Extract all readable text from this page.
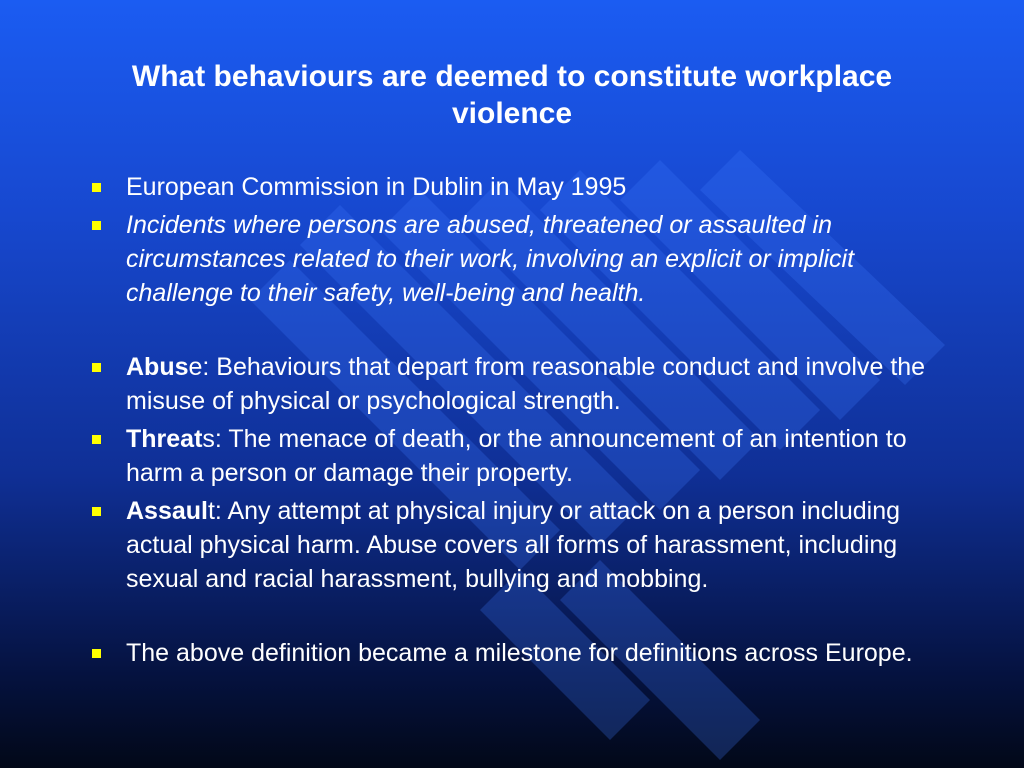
What behaviours are deemed to constitute workplace violence
European Commission in Dublin in May 1995
Incidents where persons are abused, threatened or assaulted in circumstances related to their work, involving an explicit or implicit challenge to their safety, well-being and health.
Abuse: Behaviours that depart from reasonable conduct and involve the misuse of physical or psychological strength.
Threats: The menace of death, or the announcement of an intention to harm a person or damage their property.
Assault: Any attempt at physical injury or attack on a person including actual physical harm. Abuse covers all forms of harassment, including sexual and racial harassment, bullying and mobbing.
The above definition became a milestone for definitions across Europe.
